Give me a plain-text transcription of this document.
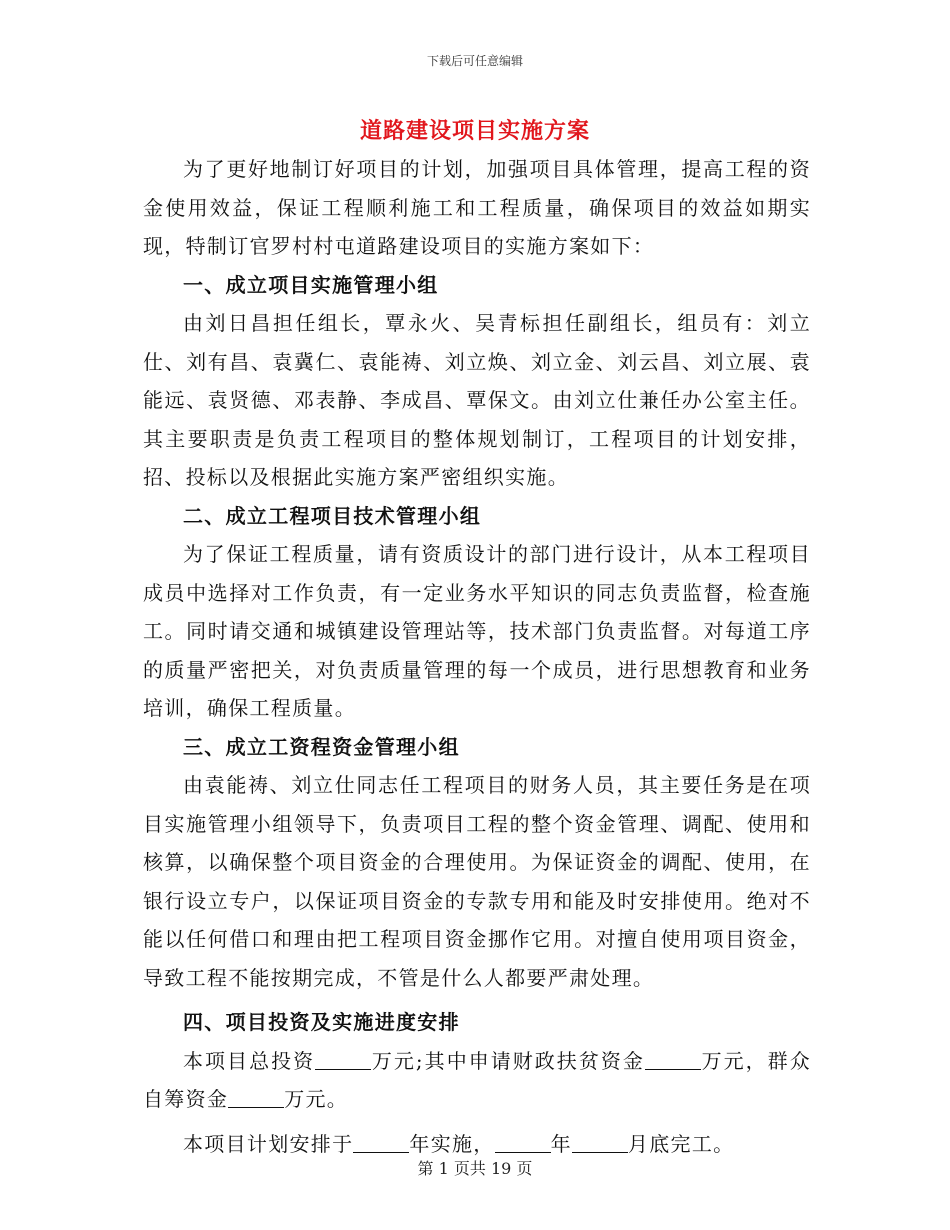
下载后可任意编辑
道路建设项目实施方案

为了更好地制订好项目的计划，加强项目具体管理，提高工程的资金使用效益，保证工程顺利施工和工程质量，确保项目的效益如期实现，特制订官罗村村屯道路建设项目的实施方案如下：

一、成立项目实施管理小组

由刘日昌担任组长，覃永火、吴青标担任副组长，组员有：刘立仕、刘有昌、袁冀仁、袁能祷、刘立焕、刘立金、刘云昌、刘立展、袁能远、袁贤德、邓表静、李成昌、覃保文。由刘立仕兼任办公室主任。其主要职责是负责工程项目的整体规划制订，工程项目的计划安排，招、投标以及根据此实施方案严密组织实施。

二、成立工程项目技术管理小组

为了保证工程质量，请有资质设计的部门进行设计，从本工程项目成员中选择对工作负责，有一定业务水平知识的同志负责监督，检查施工。同时请交通和城镇建设管理站等，技术部门负责监督。对每道工序的质量严密把关，对负责质量管理的每一个成员，进行思想教育和业务培训，确保工程质量。

三、成立工资程资金管理小组

由袁能祷、刘立仕同志任工程项目的财务人员，其主要任务是在项目实施管理小组领导下，负责项目工程的整个资金管理、调配、使用和核算，以确保整个项目资金的合理使用。为保证资金的调配、使用，在银行设立专户，以保证项目资金的专款专用和能及时安排使用。绝对不能以任何借口和理由把工程项目资金挪作它用。对擅自使用项目资金，导致工程不能按期完成，不管是什么人都要严肃处理。

四、项目投资及实施进度安排

本项目总投资	万元;其中申请财政扶贫资金	万元，群众自筹资金	万元。

本项目计划安排于	年实施，	年	月底完工。

第 1 页共 19 页
